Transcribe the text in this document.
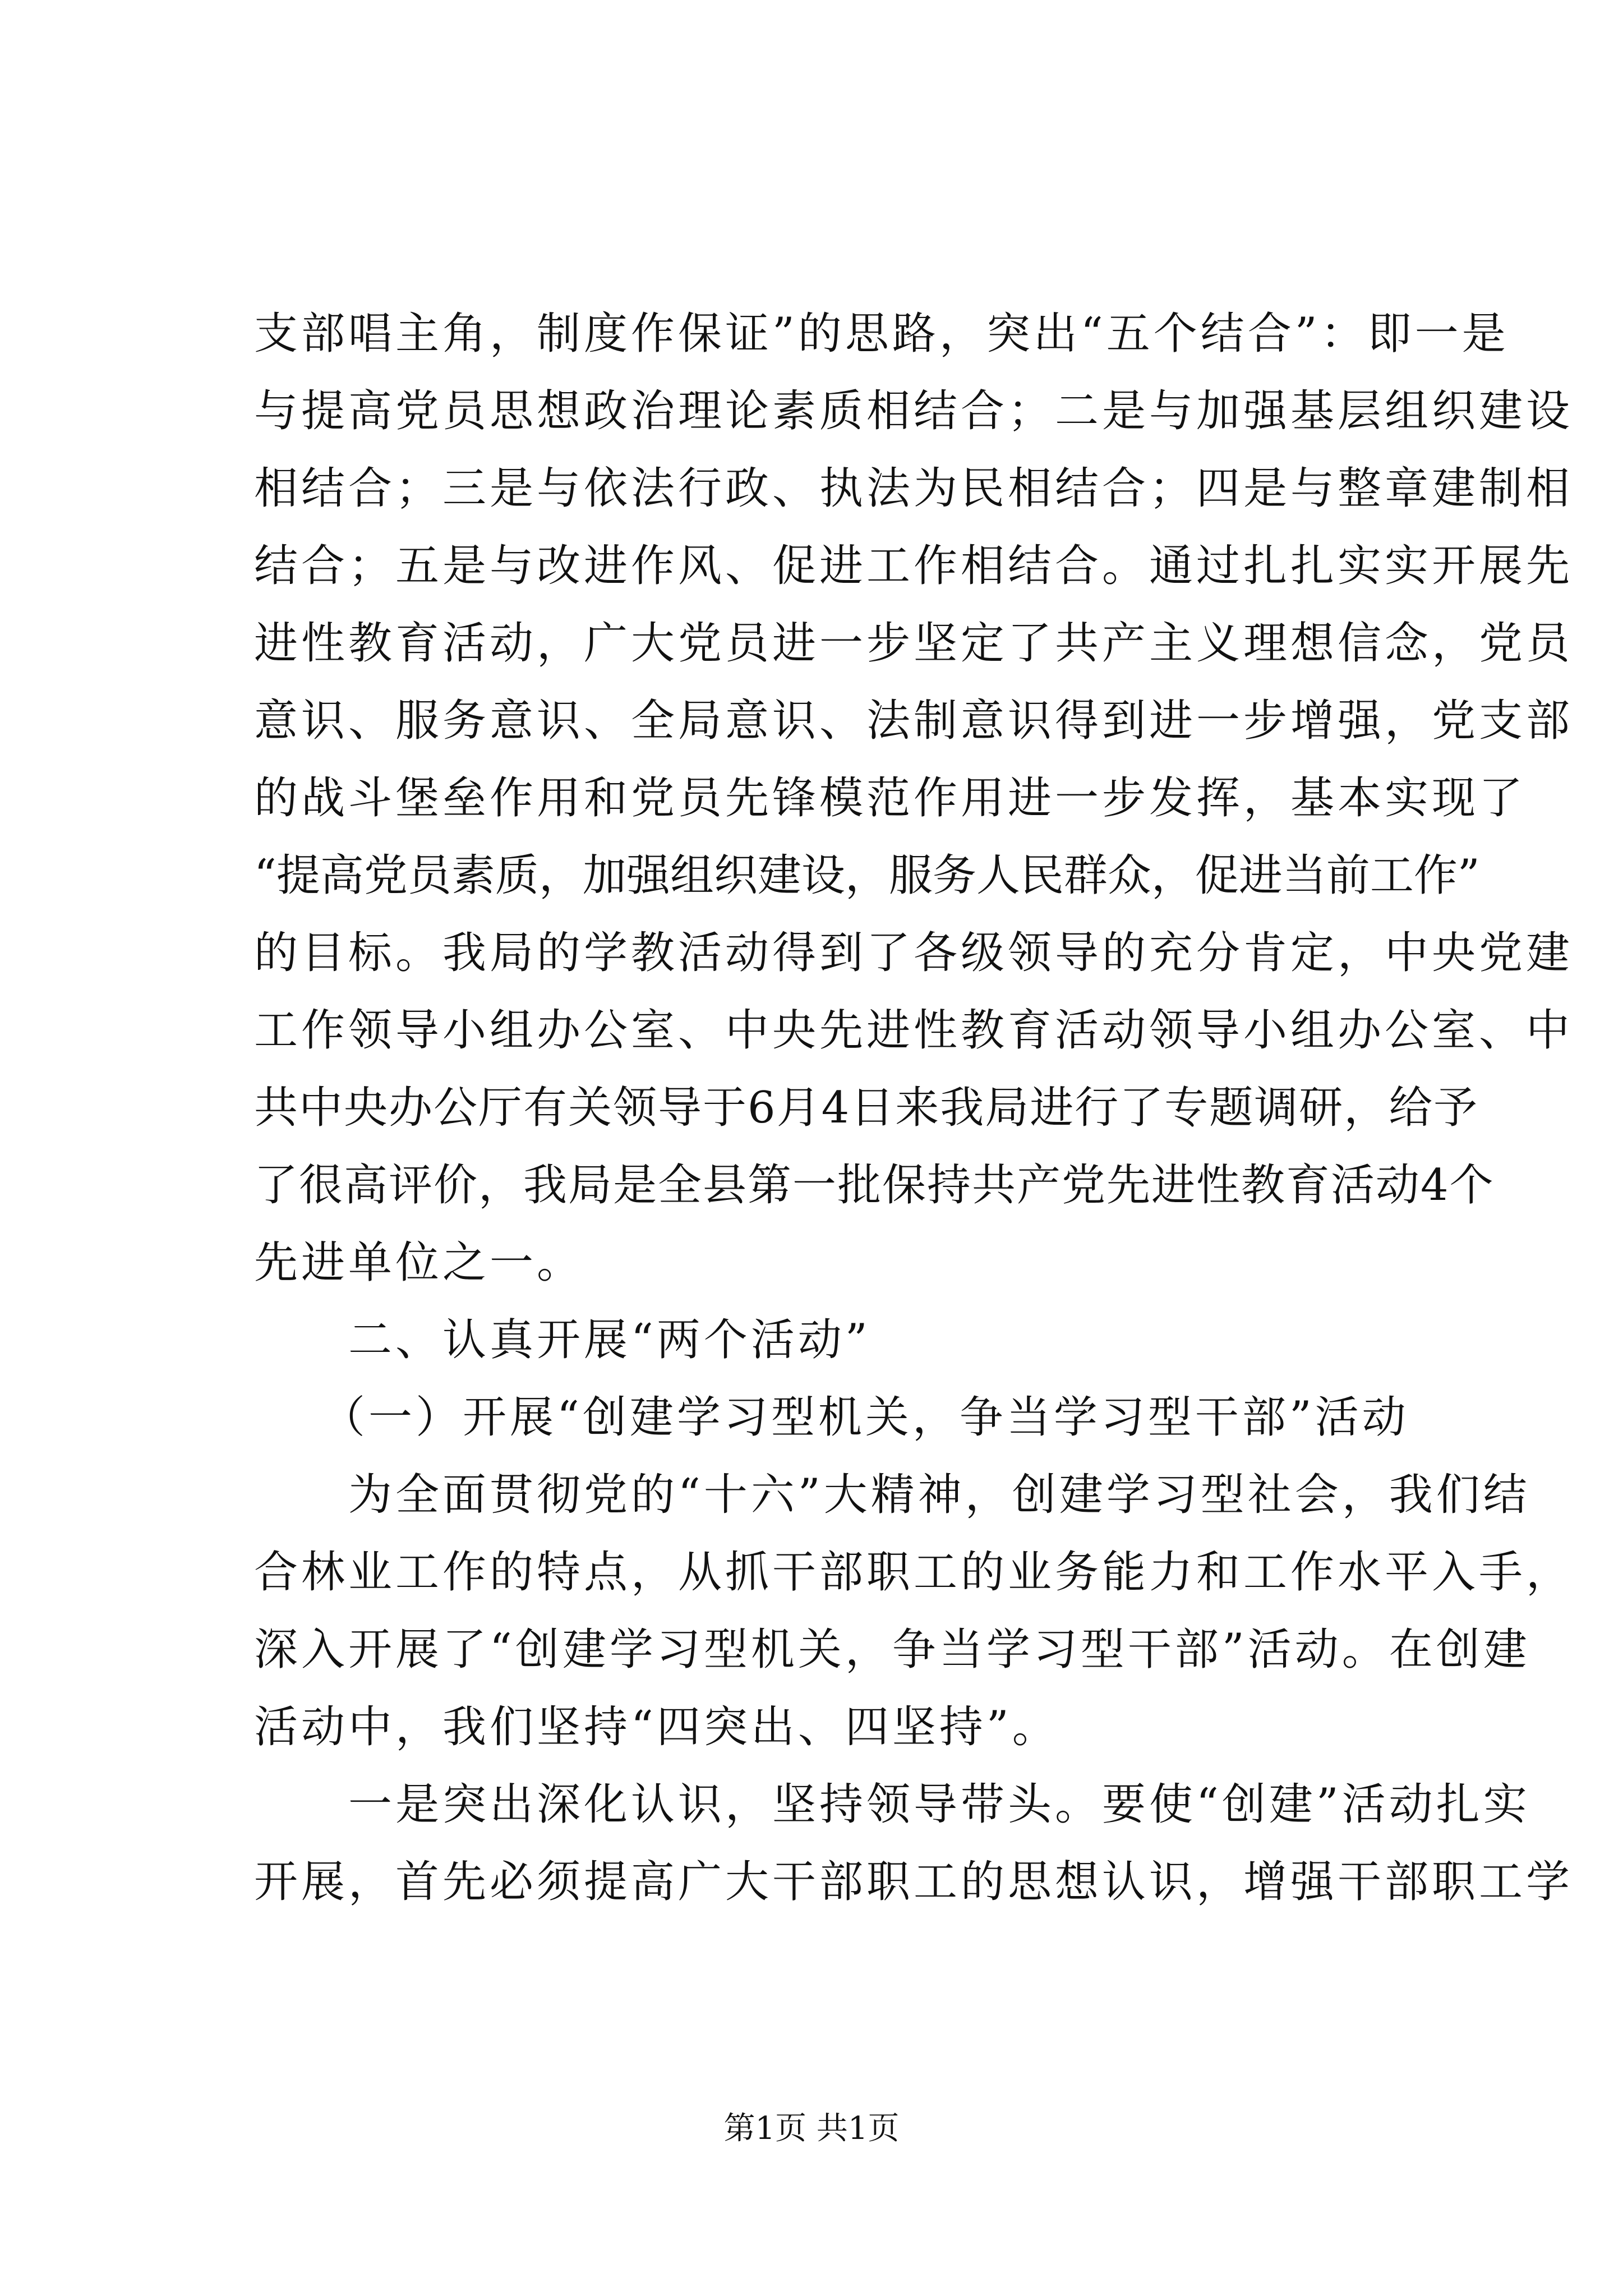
支部唱主角，制度作保证”的思路，突出“五个结合”：即一是
与提高党员思想政治理论素质相结合；二是与加强基层组织建设
相结合；三是与依法行政、执法为民相结合；四是与整章建制相
结合；五是与改进作风、促进工作相结合。通过扎扎实实开展先
进性教育活动，广大党员进一步坚定了共产主义理想信念，党员
意识、服务意识、全局意识、法制意识得到进一步增强，党支部
的战斗堡垒作用和党员先锋模范作用进一步发挥，基本实现了
“提高党员素质，加强组织建设，服务人民群众，促进当前工作”
的目标。我局的学教活动得到了各级领导的充分肯定，中央党建
工作领导小组办公室、中央先进性教育活动领导小组办公室、中
共中央办公厅有关领导于6月4日来我局进行了专题调研，给予
了很高评价，我局是全县第一批保持共产党先进性教育活动4个
先进单位之一。
二、认真开展“两个活动”
（一）开展“创建学习型机关，争当学习型干部”活动
为全面贯彻党的“十六”大精神，创建学习型社会，我们结
合林业工作的特点，从抓干部职工的业务能力和工作水平入手，
深入开展了“创建学习型机关，争当学习型干部”活动。在创建
活动中，我们坚持“四突出、四坚持”。
一是突出深化认识，坚持领导带头。要使“创建”活动扎实
开展，首先必须提高广大干部职工的思想认识，增强干部职工学
第1页 共1页
